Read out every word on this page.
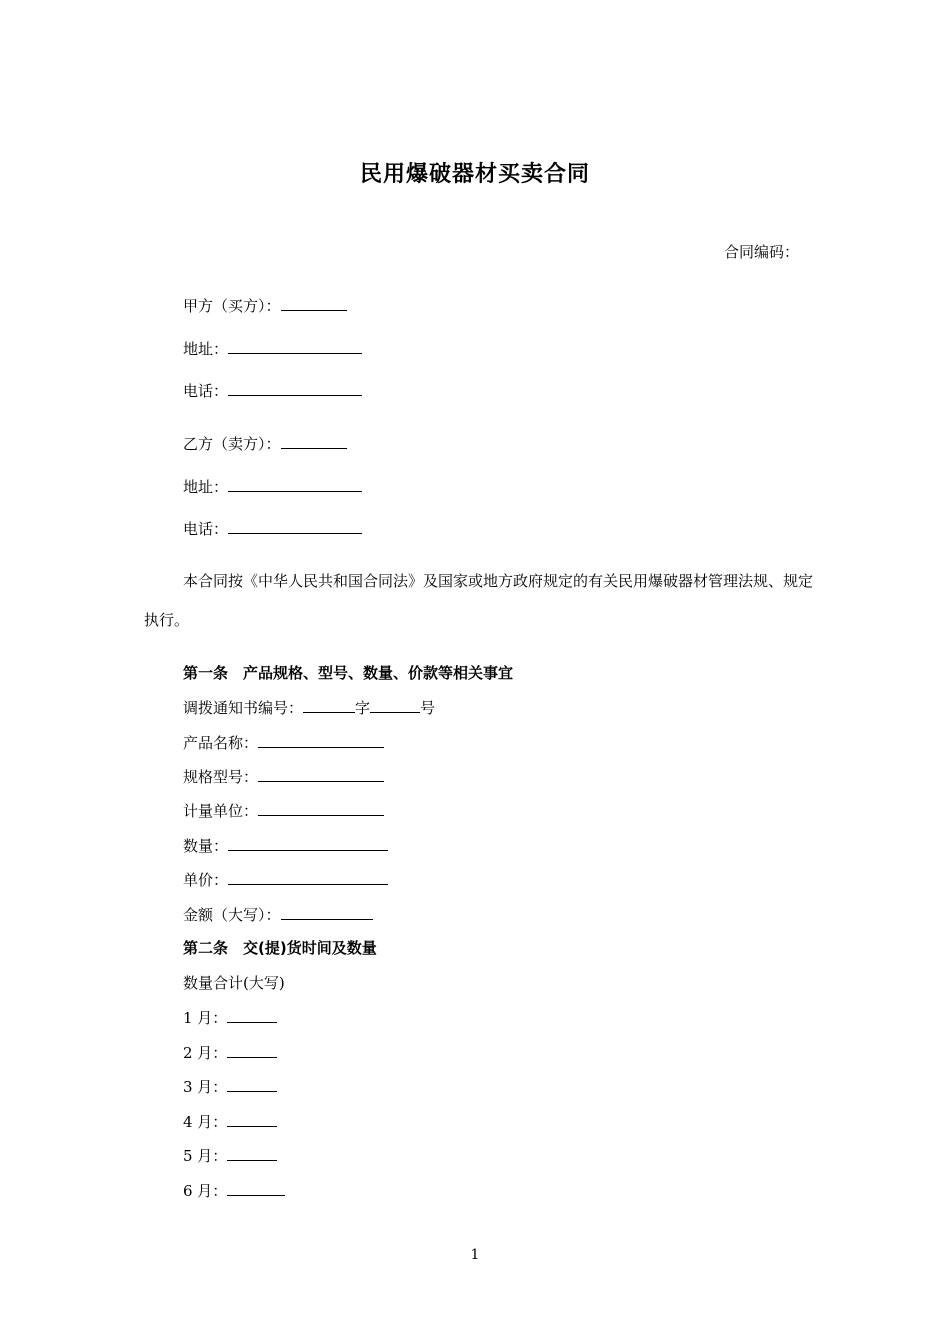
民用爆破器材买卖合同
合同编码：
甲方（买方）：
地址：
电话：
乙方（卖方）：
地址：
电话：
本合同按《中华人民共和国合同法》及国家或地方政府规定的有关民用爆破器材管理法规、规定执行。
第一条　产品规格、型号、数量、价款等相关事宜
调拨通知书编号：	字	号
产品名称：
规格型号：
计量单位：
数量：
单价：
金额（大写）：
第二条　交(提)货时间及数量
数量合计(大写)
1 月：
2 月：
3 月：
4 月：
5 月：
6 月：
1
